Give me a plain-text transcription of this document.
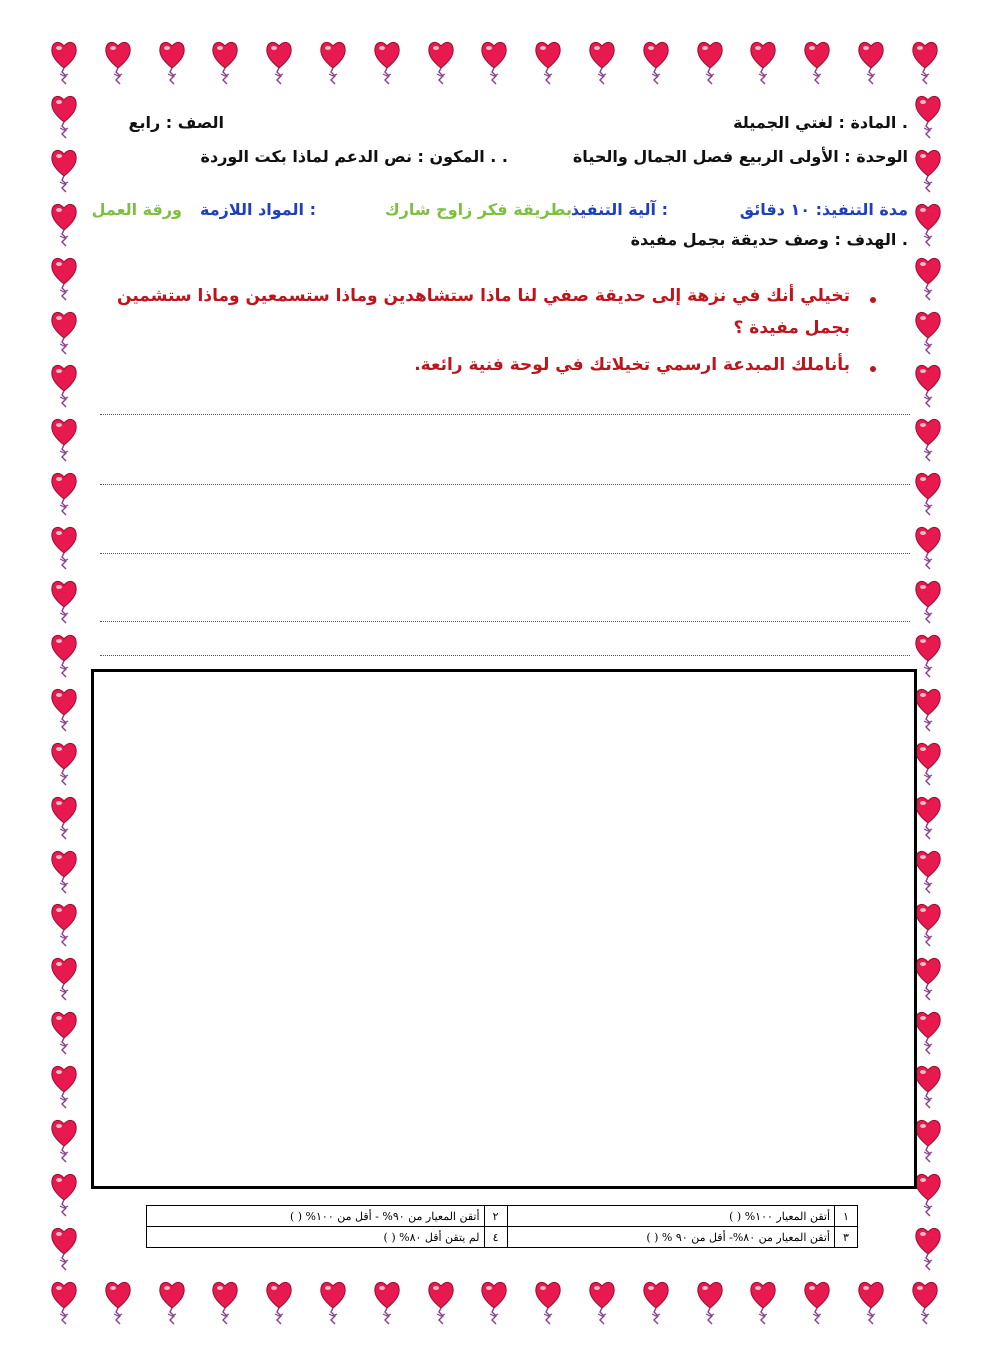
المادة : لغتي الجميلة .
الصف : رابع
الوحدة : الأولى الربيع فصل الجمال والحياة
المكون : نص الدعم لماذا بكت الوردة . .
مدة التنفيذ: ١٠ دقائق
آلية التنفيذ :
بطريقة فكر زاوج شارك
المواد اللازمة :
ورقة العمل
الهدف : وصف حديقة بجمل مفيدة .
تخيلي أنك في نزهة إلى حديقة صفي لنا ماذا ستشاهدين وماذا ستسمعين وماذا ستشمين
بجمل مفيدة ؟
بأناملك المبدعة ارسمي تخيلاتك في لوحة فنية رائعة.
١	أتقن المعيار ١٠٠% ( )	٢	أتقن المعيار من ٩٠% - أقل من ١٠٠% ( )
٣	أتقن المعيار من ٨٠%- أقل من ٩٠ % ( )	٤	لم يتقن أقل ٨٠% ( )
